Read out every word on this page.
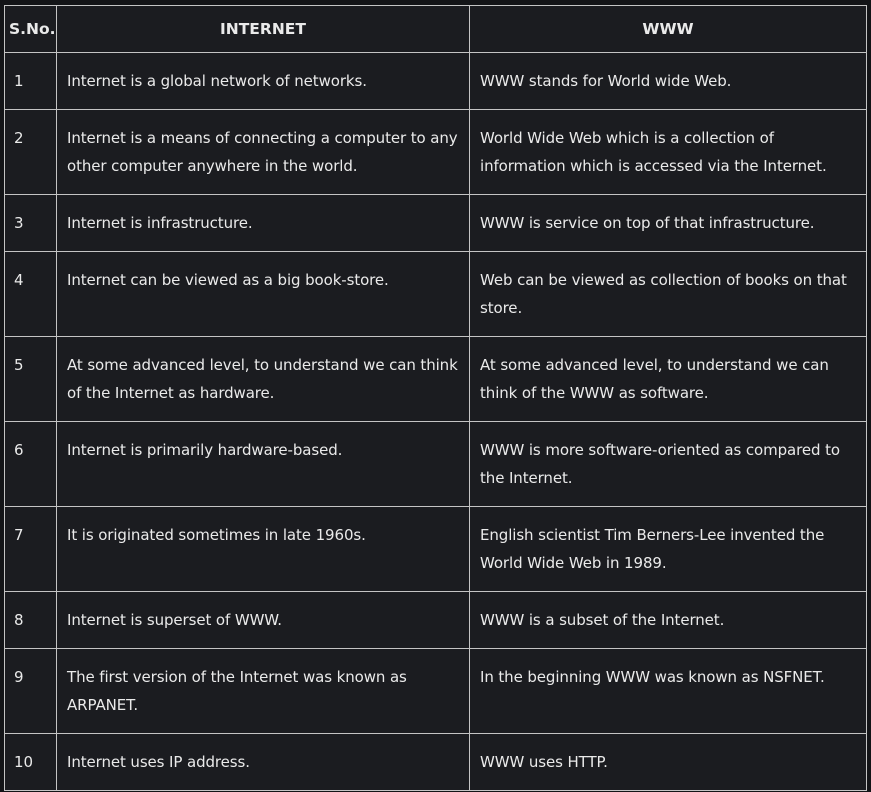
S.No.	INTERNET	WWW
1	Internet is a global network of networks.	WWW stands for World wide Web.
2	Internet is a means of connecting a computer to any other computer anywhere in the world.	World Wide Web which is a collection of information which is accessed via the Internet.
3	Internet is infrastructure.	WWW is service on top of that infrastructure.
4	Internet can be viewed as a big book-store.	Web can be viewed as collection of books on that store.
5	At some advanced level, to understand we can think of the Internet as hardware.	At some advanced level, to understand we can think of the WWW as software.
6	Internet is primarily hardware-based.	WWW is more software-oriented as compared to the Internet.
7	It is originated sometimes in late 1960s.	English scientist Tim Berners-Lee invented the World Wide Web in 1989.
8	Internet is superset of WWW.	WWW is a subset of the Internet.
9	The first version of the Internet was known as ARPANET.	In the beginning WWW was known as NSFNET.
10	Internet uses IP address.	WWW uses HTTP.
